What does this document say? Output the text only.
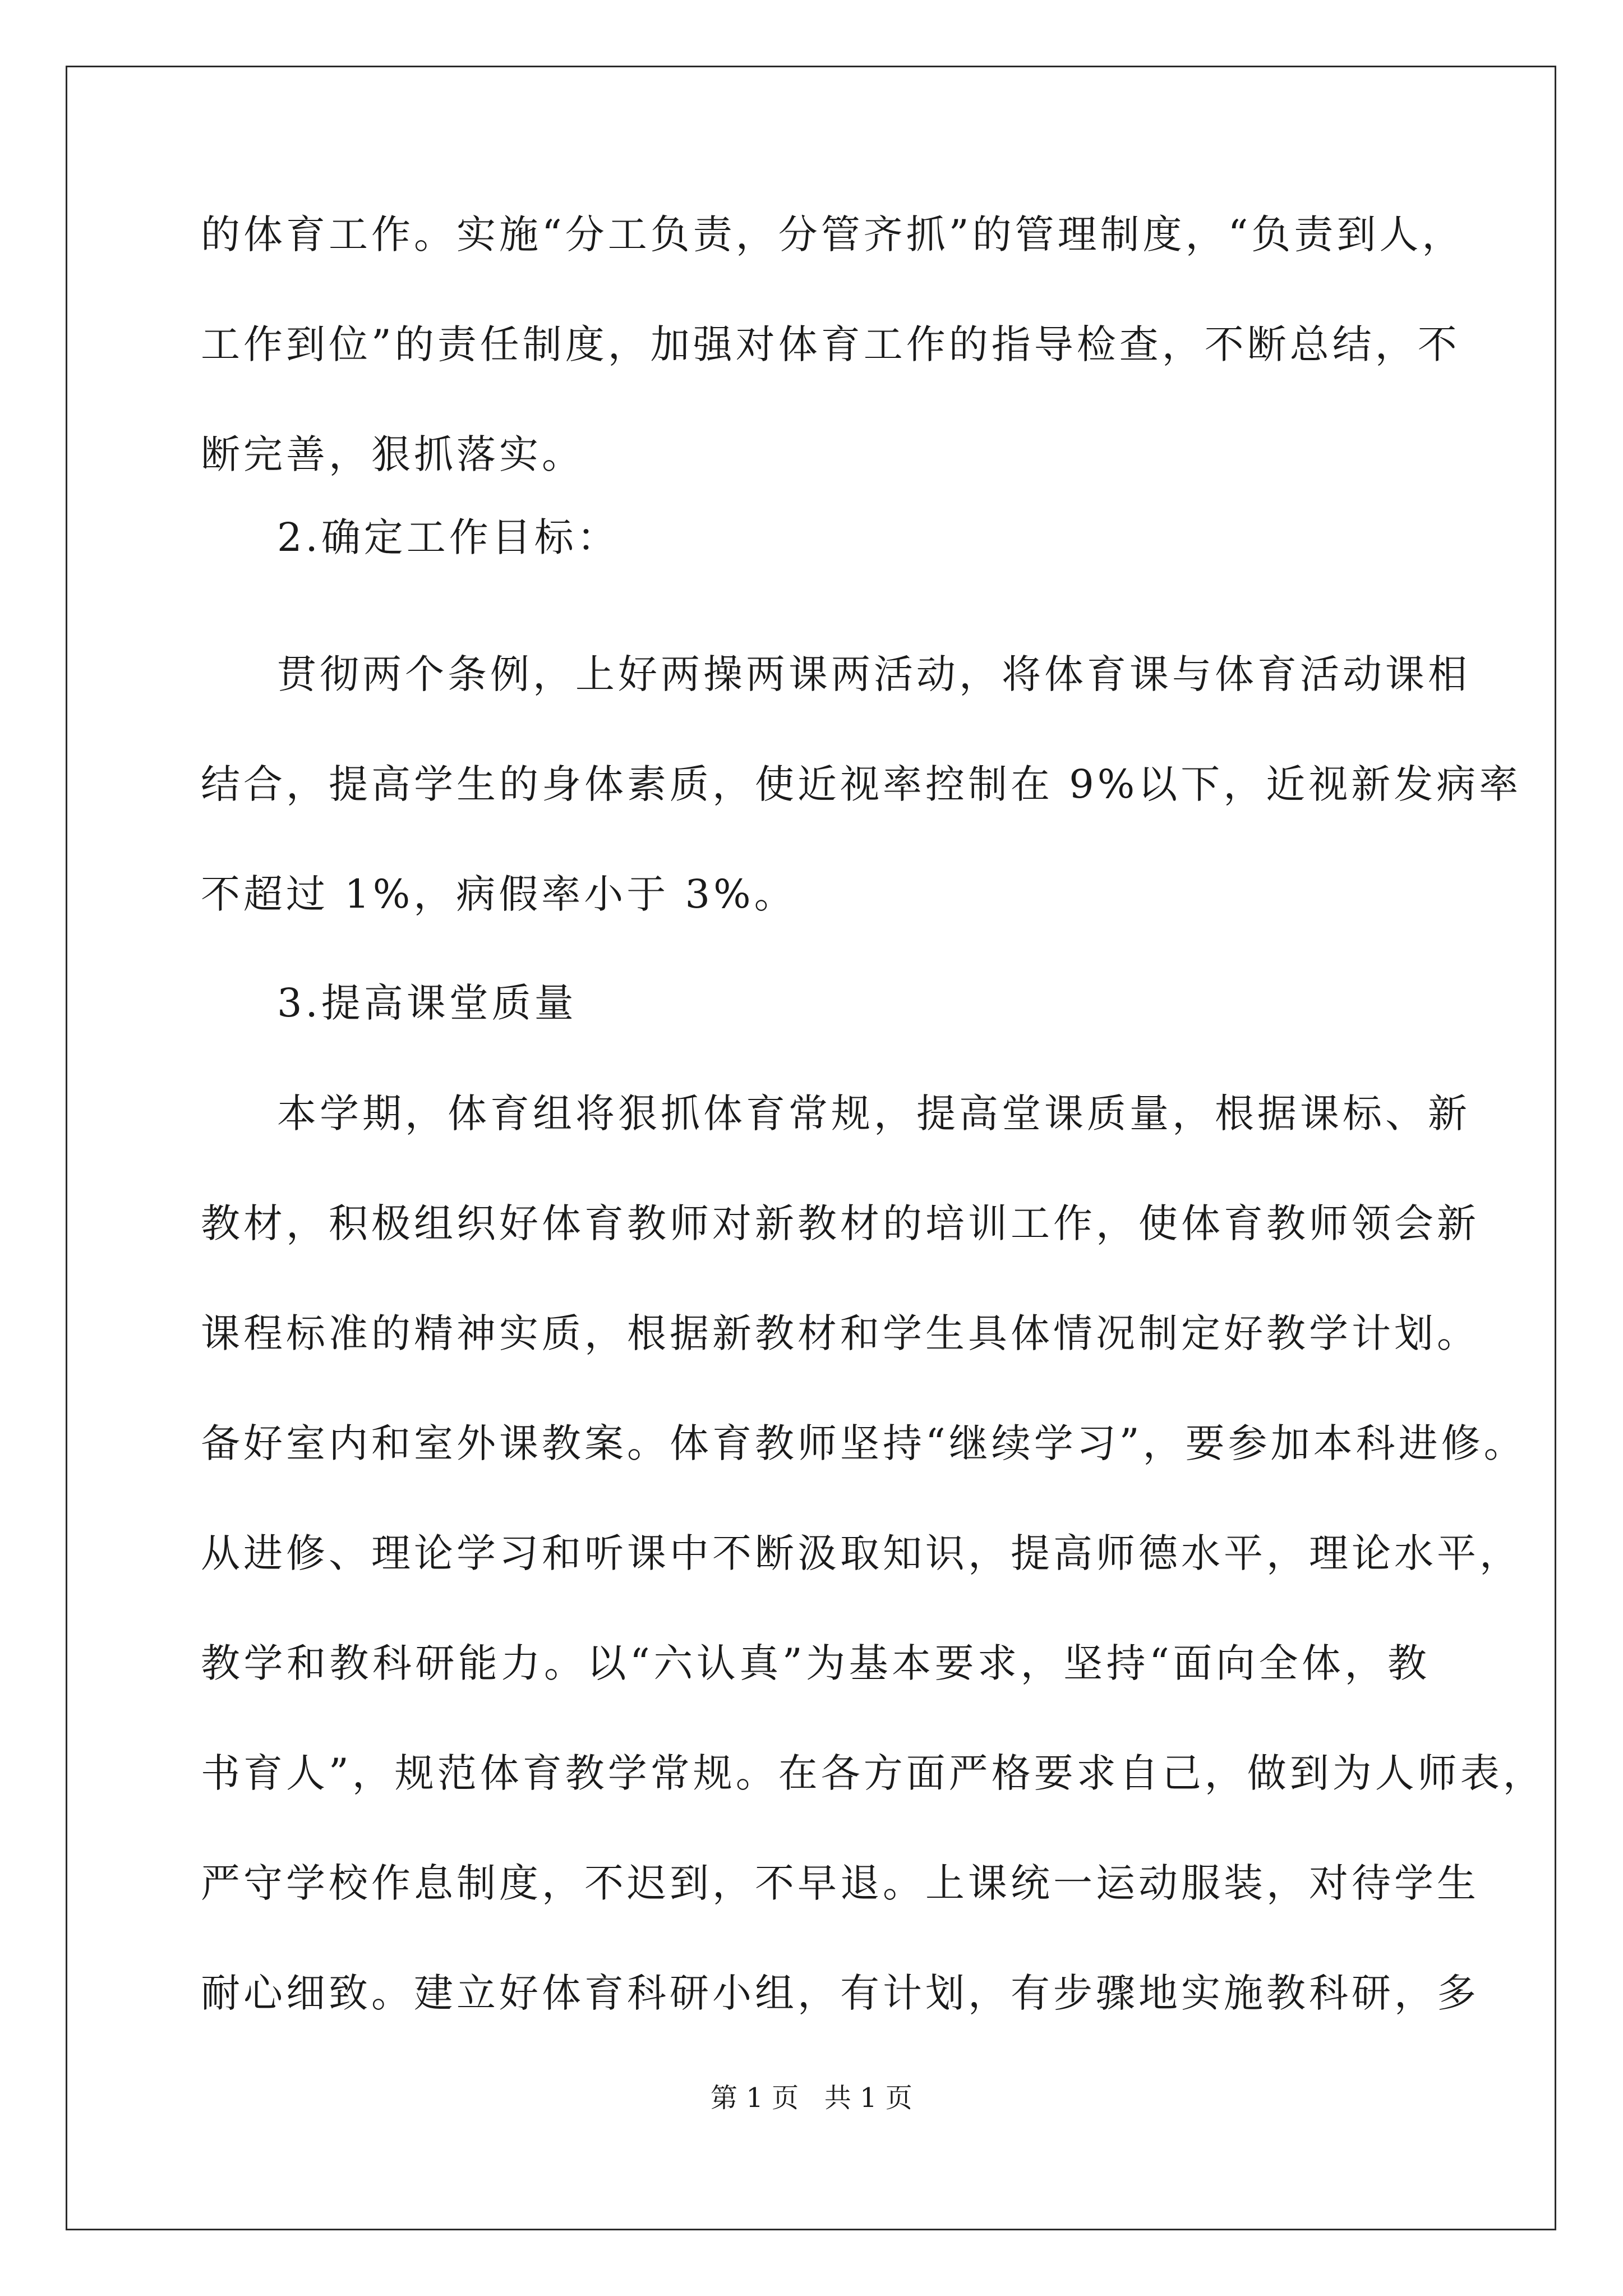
的体育工作。实施“分工负责，分管齐抓”的管理制度，“负责到人，
工作到位”的责任制度，加强对体育工作的指导检查，不断总结，不
断完善，狠抓落实。
2.确定工作目标：
贯彻两个条例，上好两操两课两活动，将体育课与体育活动课相
结合，提高学生的身体素质，使近视率控制在 9%以下，近视新发病率
不超过 1%，病假率小于 3%。
3.提高课堂质量
本学期，体育组将狠抓体育常规，提高堂课质量，根据课标、新
教材，积极组织好体育教师对新教材的培训工作，使体育教师领会新
课程标准的精神实质，根据新教材和学生具体情况制定好教学计划。
备好室内和室外课教案。体育教师坚持“继续学习”，要参加本科进修。
从进修、理论学习和听课中不断汲取知识，提高师德水平，理论水平，
教学和教科研能力。以“六认真”为基本要求，坚持“面向全体，教
书育人”，规范体育教学常规。在各方面严格要求自己，做到为人师表，
严守学校作息制度，不迟到，不早退。上课统一运动服装，对待学生
耐心细致。建立好体育科研小组，有计划，有步骤地实施教科研，多
第 1 页   共 1 页
